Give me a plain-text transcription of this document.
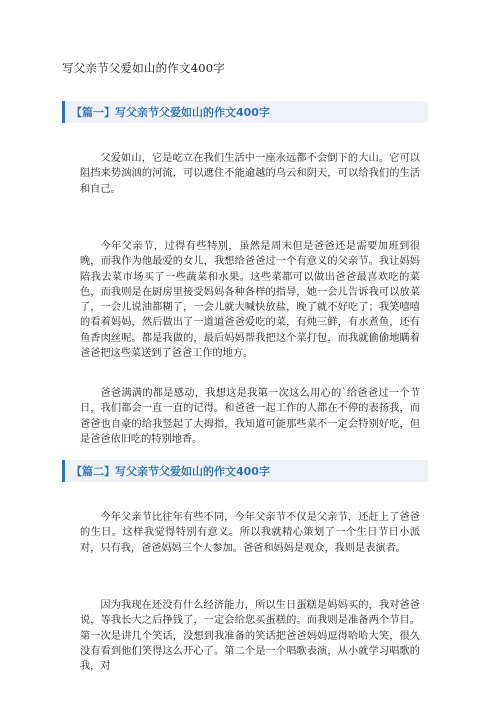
写父亲节父爱如山的作文400字
【篇一】写父亲节父爱如山的作文400字

父爱如山，它是屹立在我们生活中一座永远都不会倒下的大山。它可以阻挡来势汹汹的河流，可以遮住不能逾越的乌云和阴天，可以给我们的生活和自己。

今年父亲节，过得有些特别，虽然是周末但是爸爸还是需要加班到很晚，而我作为他最爱的女儿，我想给爸爸过一个有意义的父亲节。我让妈妈陪我去菜市场买了一些蔬菜和水果。这些菜都可以做出爸爸最喜欢吃的菜色，而我则是在厨房里接受妈妈各种各样的指导，她一会儿告诉我可以放菜了，一会儿说油都糊了，一会儿就大喊快放盐，晚了就不好吃了；我笑嘻嘻的看着妈妈，然后做出了一道道爸爸爱吃的菜，有炖三鲜，有水煮鱼，还有鱼香肉丝呢。都是我做的，最后妈妈帮我把这个菜打包，而我就偷偷地瞒着爸爸把这些菜送到了爸爸工作的地方。

爸爸满满的都是感动，我想这是我第一次这么用心的`给爸爸过一个节日，我们都会一直一直的记得。和爸爸一起工作的人都在不停的表扬我，而爸爸也自豪的给我竖起了大拇指，我知道可能那些菜不一定会特别好吃，但是爸爸依旧吃的特别地香。

【篇二】写父亲节父爱如山的作文400字

今年父亲节比往年有些不同，今年父亲节不仅是父亲节，还赶上了爸爸的生日。这样我觉得特别有意义。所以我就精心策划了一个生日节日小派对，只有我，爸爸妈妈三个人参加。爸爸和妈妈是观众，我则是表演者。

因为我现在还没有什么经济能力，所以生日蛋糕是妈妈买的，我对爸爸说，等我长大之后挣钱了，一定会给您买蛋糕的。而我则是准备两个节目。第一次是讲几个笑话，没想到我准备的笑话把爸爸妈妈逗得哈哈大笑，很久没有看到他们笑得这么开心了。第二个是一个唱歌表演，从小就学习唱歌的我，对
